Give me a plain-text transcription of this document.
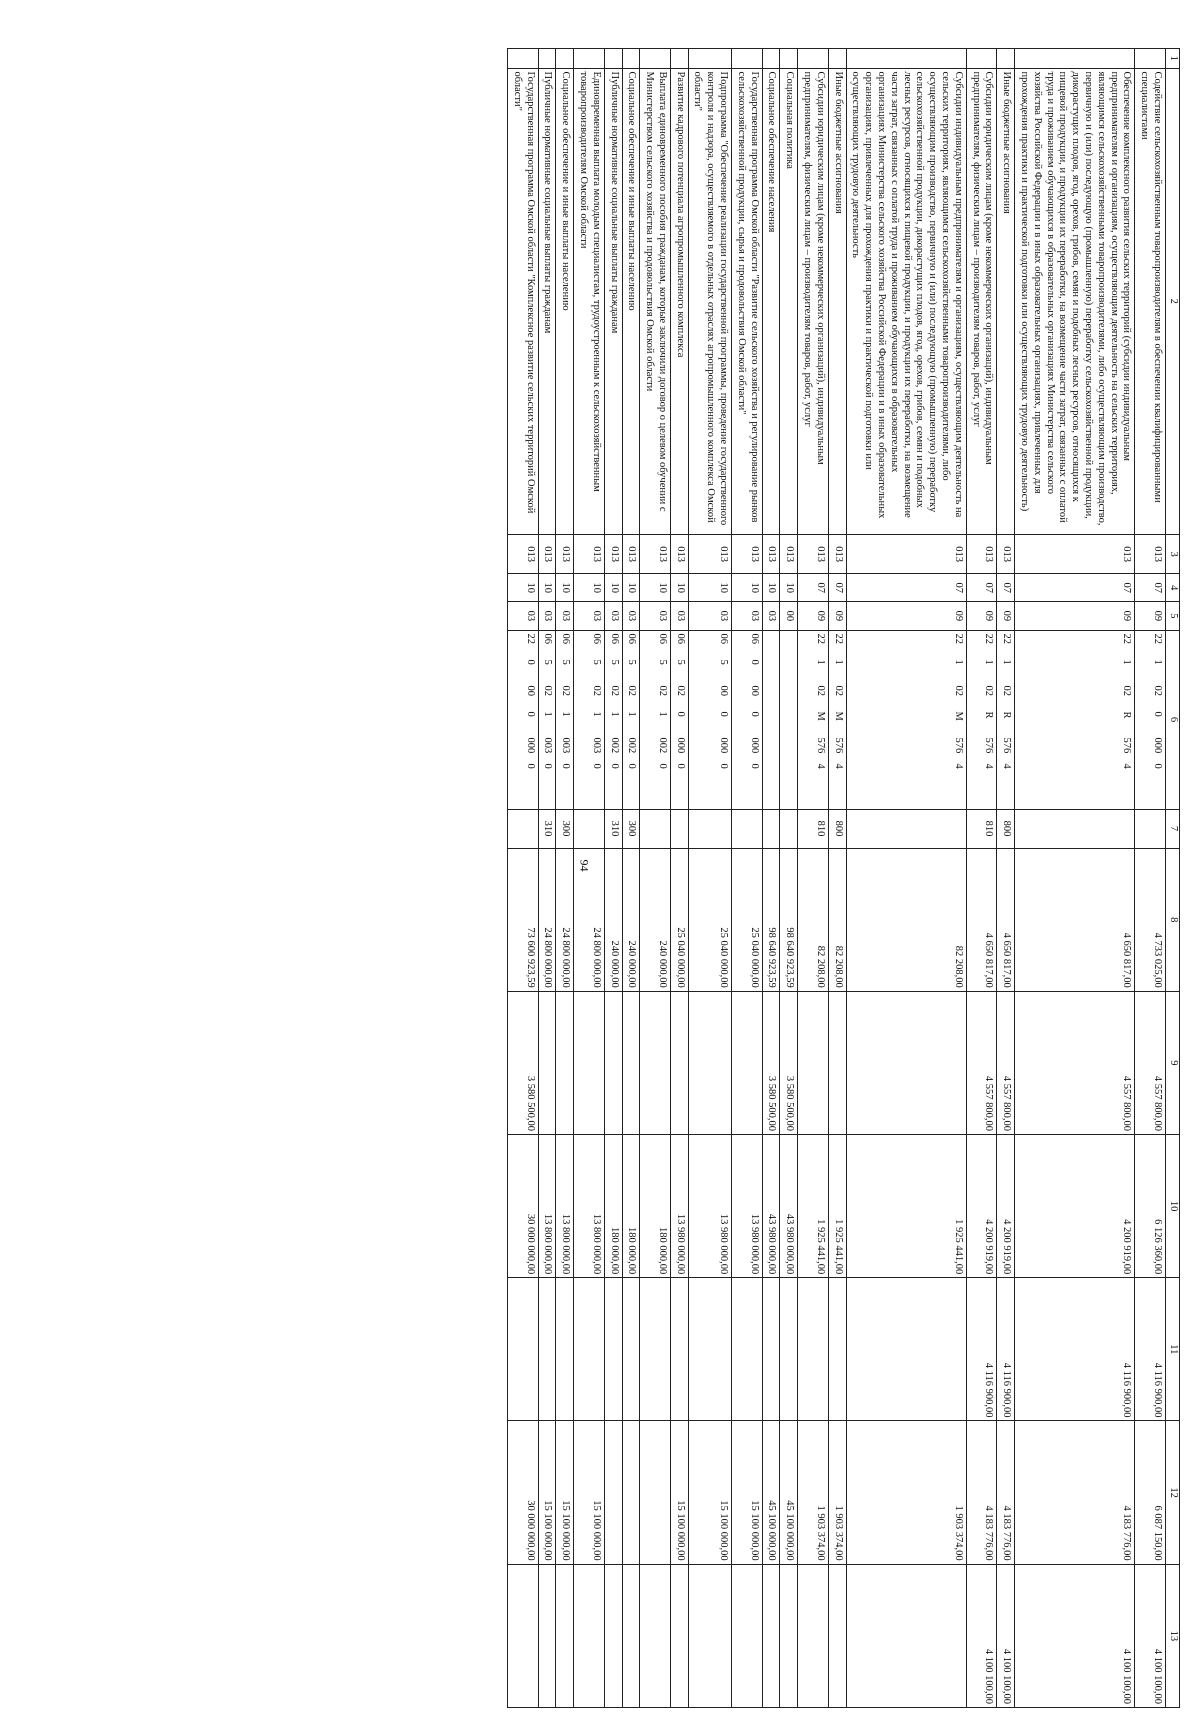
94
1	2	3	4	5	6	7	8	9	10	11	12	13
	Содействие сельскохозяйственным товаропроизводителям в обеспечении квалифицированными специалистами	013	07	09	2210200000		4 733 025,00	4 557 800,00	6 126 360,00	4 116 900,00	6 087 150,00	4 100 100,00
	Обеспечение комплексного развития сельских территорий (субсидии индивидуальным предпринимателям и организациям, осуществляющим деятельность на сельских территориях, являющимся сельскохозяйственными товаропроизводителями, либо осуществляющим производство, первичную и (или) последующую (промышленную) переработку сельскохозяйственной продукции, дикорастущих плодов, ягод, орехов, грибов, семян и подобных лесных ресурсов, относящихся к пищевой продукции, и продукции их переработки, на возмещение части затрат, связанных с оплатой труда и проживанием обучающихся в образовательных организациях Министерства сельского хозяйства Российской Федерации и в иных образовательных организациях, привлеченных для прохождения практики и практической подготовки или осуществляющих трудовую деятельность)	013	07	09	22102R5764		4 650 817,00	4 557 800,00	4 200 919,00	4 116 900,00	4 183 776,00	4 100 100,00
	Иные бюджетные ассигнования	013	07	09	22102R5764	800	4 650 817,00	4 557 800,00	4 200 919,00	4 116 900,00	4 183 776,00	4 100 100,00
	Субсидии юридическим лицам (кроме некоммерческих организаций), индивидуальным предпринимателям, физическим лицам – производителям товаров, работ, услуг	013	07	09	22102R5764	810	4 650 817,00	4 557 800,00	4 200 919,00	4 116 900,00	4 183 776,00	4 100 100,00
	Субсидии индивидуальным предпринимателям и организациям, осуществляющим деятельность на сельских территориях, являющимся сельскохозяйственными товаропроизводителями, либо осуществляющим производство, первичную и (или) последующую (промышленную) переработку сельскохозяйственной продукции, дикорастущих плодов, ягод, орехов, грибов, семян и подобных лесных ресурсов, относящихся к пищевой продукции, и продукции их переработки, на возмещение части затрат, связанных с оплатой труда и проживанием обучающихся в образовательных организациях Министерства сельского хозяйства Российской Федерации и в иных образовательных организациях, привлеченных для прохождения практики и практической подготовки или осуществляющих трудовую деятельность	013	07	09	22102M5764		82 208,00		1 925 441,00		1 903 374,00	
	Иные бюджетные ассигнования	013	07	09	22102M5764	800	82 208,00		1 925 441,00		1 903 374,00	
	Субсидии юридическим лицам (кроме некоммерческих организаций), индивидуальным предпринимателям, физическим лицам – производителям товаров, работ, услуг	013	07	09	22102M5764	810	82 208,00		1 925 441,00		1 903 374,00	
	Социальная политика	013	10	00			98 640 923,59	3 580 500,00	43 980 000,00		45 100 000,00	
	Социальное обеспечение населения	013	10	03			98 640 923,59	3 580 500,00	43 980 000,00		45 100 000,00	
	Государственная программа Омской области "Развитие сельского хозяйства и регулирование рынков сельскохозяйственной продукции, сырья и продовольствия Омской области"	013	10	03	0600000000		25 040 000,00		13 980 000,00		15 100 000,00	
	Подпрограмма "Обеспечение реализации государственной программы, проведение государственного контроля и надзора, осуществляемого в отдельных отраслях агропромышленного комплекса Омской области"	013	10	03	0650000000		25 040 000,00		13 980 000,00		15 100 000,00	
	Развитие кадрового потенциала агропромышленного комплекса	013	10	03	0650200000		25 040 000,00		13 980 000,00		15 100 000,00	
	Выплата единовременного пособия гражданам, которые заключили договор о целевом обучении с Министерством сельского хозяйства и продовольствия Омской области	013	10	03	0650210020		240 000,00		180 000,00			
	Социальное обеспечение и иные выплаты населению	013	10	03	0650210020	300	240 000,00		180 000,00			
	Публичные нормативные социальные выплаты гражданам	013	10	03	0650210020	310	240 000,00		180 000,00			
	Единовременная выплата молодым специалистам, трудоустроенным к сельскохозяйственным товаропроизводителям Омской области	013	10	03	0650210030		24 800 000,00		13 800 000,00		15 100 000,00	
	Социальное обеспечение и иные выплаты населению	013	10	03	0650210030	300	24 800 000,00		13 800 000,00		15 100 000,00	
	Публичные нормативные социальные выплаты гражданам	013	10	03	0650210030	310	24 800 000,00		13 800 000,00		15 100 000,00	
	Государственная программа Омской области "Комплексное развитие сельских территорий Омской области"	013	10	03	2200000000		73 600 923,59	3 580 500,00	30 000 000,00		30 000 000,00	
